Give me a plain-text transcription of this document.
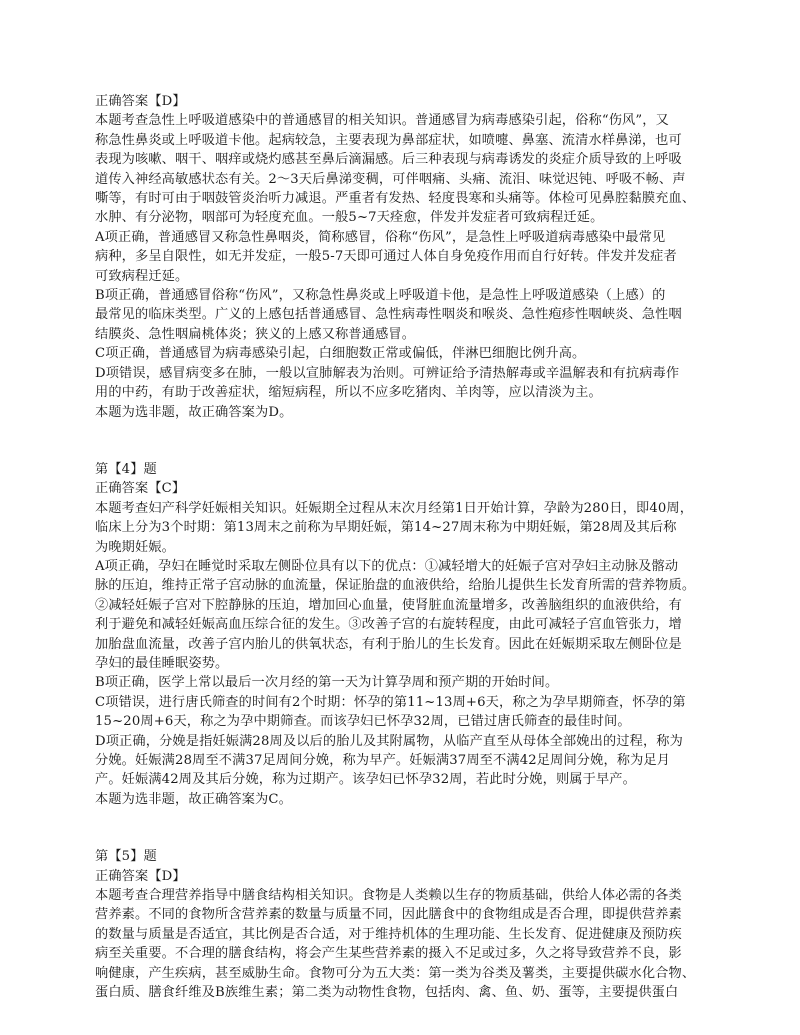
正确答案【D】
本题考查急性上呼吸道感染中的普通感冒的相关知识。普通感冒为病毒感染引起，俗称“伤风”，又
称急性鼻炎或上呼吸道卡他。起病较急，主要表现为鼻部症状，如喷嚏、鼻塞、流清水样鼻涕，也可
表现为咳嗽、咽干、咽痒或烧灼感甚至鼻后滴漏感。后三种表现与病毒诱发的炎症介质导致的上呼吸
道传入神经高敏感状态有关。2～3天后鼻涕变稠，可伴咽痛、头痛、流泪、味觉迟钝、呼吸不畅、声
嘶等，有时可由于咽鼓管炎治听力减退。严重者有发热、轻度畏寒和头痛等。体检可见鼻腔黏膜充血、
水肿、有分泌物，咽部可为轻度充血。一般5~7天痊愈，伴发并发症者可致病程迁延。
A项正确，普通感冒又称急性鼻咽炎，简称感冒，俗称“伤风”，是急性上呼吸道病毒感染中最常见
病种，多呈自限性，如无并发症，一般5-7天即可通过人体自身免疫作用而自行好转。伴发并发症者
可致病程迁延。
B项正确，普通感冒俗称“伤风”，又称急性鼻炎或上呼吸道卡他，是急性上呼吸道感染（上感）的
最常见的临床类型。广义的上感包括普通感冒、急性病毒性咽炎和喉炎、急性疱疹性咽峡炎、急性咽
结膜炎、急性咽扁桃体炎；狭义的上感又称普通感冒。
C项正确，普通感冒为病毒感染引起，白细胞数正常或偏低，伴淋巴细胞比例升高。
D项错误，感冒病变多在肺，一般以宣肺解表为治则。可辨证给予清热解毒或辛温解表和有抗病毒作
用的中药，有助于改善症状，缩短病程，所以不应多吃猪肉、羊肉等，应以清淡为主。
本题为选非题，故正确答案为D。
第【4】题
正确答案【C】
本题考查妇产科学妊娠相关知识。妊娠期全过程从末次月经第1日开始计算，孕龄为280日，即40周，
临床上分为3个时期：第13周末之前称为早期妊娠，第14~27周末称为中期妊娠，第28周及其后称
为晚期妊娠。
A项正确，孕妇在睡觉时采取左侧卧位具有以下的优点：①减轻增大的妊娠子宫对孕妇主动脉及髂动
脉的压迫，维持正常子宫动脉的血流量，保证胎盘的血液供给，给胎儿提供生长发育所需的营养物质。
②减轻妊娠子宫对下腔静脉的压迫，增加回心血量，使肾脏血流量增多，改善脑组织的血液供给，有
利于避免和减轻妊娠高血压综合征的发生。③改善子宫的右旋转程度，由此可减轻子宫血管张力，增
加胎盘血流量，改善子宫内胎儿的供氧状态，有利于胎儿的生长发育。因此在妊娠期采取左侧卧位是
孕妇的最佳睡眠姿势。
B项正确，医学上常以最后一次月经的第一天为计算孕周和预产期的开始时间。
C项错误，进行唐氏筛查的时间有2个时期：怀孕的第11~13周+6天，称之为孕早期筛查，怀孕的第
15~20周+6天，称之为孕中期筛查。而该孕妇已怀孕32周，已错过唐氏筛查的最佳时间。
D项正确，分娩是指妊娠满28周及以后的胎儿及其附属物，从临产直至从母体全部娩出的过程，称为
分娩。妊娠满28周至不满37足周间分娩，称为早产。妊娠满37周至不满42足周间分娩，称为足月
产。妊娠满42周及其后分娩，称为过期产。该孕妇已怀孕32周，若此时分娩，则属于早产。
本题为选非题，故正确答案为C。
第【5】题
正确答案【D】
本题考查合理营养指导中膳食结构相关知识。食物是人类赖以生存的物质基础，供给人体必需的各类
营养素。不同的食物所含营养素的数量与质量不同，因此膳食中的食物组成是否合理，即提供营养素
的数量与质量是否适宜，其比例是否合适，对于维持机体的生理功能、生长发育、促进健康及预防疾
病至关重要。不合理的膳食结构，将会产生某些营养素的摄入不足或过多，久之将导致营养不良，影
响健康，产生疾病，甚至威胁生命。食物可分为五大类：第一类为谷类及薯类，主要提供碳水化合物、
蛋白质、膳食纤维及B族维生素；第二类为动物性食物，包括肉、禽、鱼、奶、蛋等，主要提供蛋白
